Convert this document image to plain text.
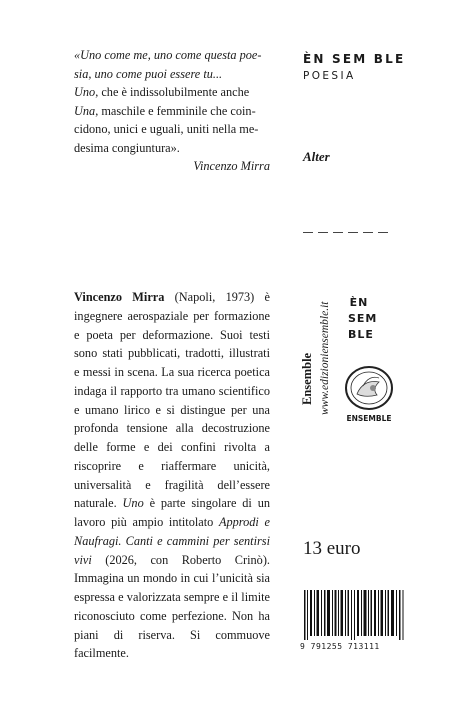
«Uno come me, uno come questa poe-
sia, uno come puoi essere tu...
Uno, che è indissolubilmente anche
Una, maschile e femminile che coin-
cidono, unici e uguali, uniti nella me-
desima congiuntura».
Vincenzo Mirra
ÈN SEM BLE
POESIA
Alter
Vincenzo Mirra (Napoli, 1973) è ingegnere aerospaziale per formazione e poeta per deformazione. Suoi testi sono stati pubblicati, tradotti, illustrati e messi in scena. La sua ricerca poetica indaga il rapporto tra umano scientifico e umano lirico e si distingue per una profonda tensione alla decostruzione delle forme e dei confini rivolta a riscoprire e riaffermare unicità, universalità e fragilità dell’essere naturale. Uno è parte singolare di un lavoro più ampio intitolato Approdi e Naufragi. Canti e cammini per sentirsi vivi (2026, con Roberto Crinò). Immagina un mondo in cui l’unicità sia espressa e valorizzata sempre e il limite riconosciuto come perfezione. Non ha piani di riserva. Si commuove facilmente.
Ensemble www.edizioniensemble.it ÈN
SEM
BLE
ENSEMBLE
13 euro
9 791255 713111
